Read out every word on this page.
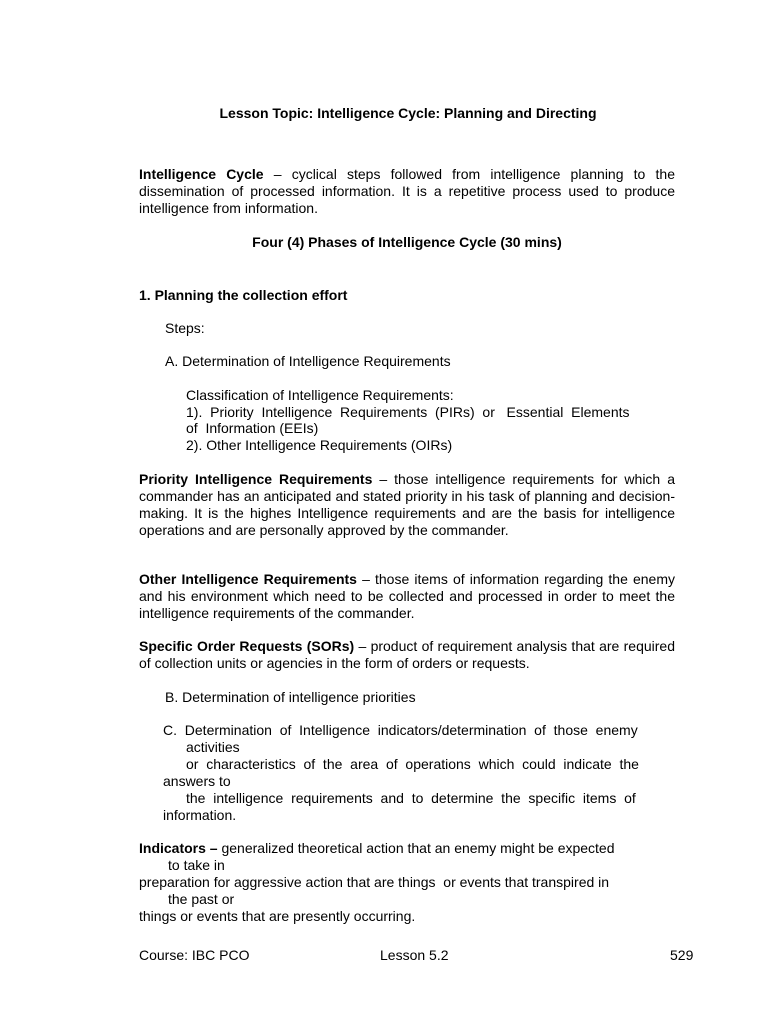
Lesson Topic: Intelligence Cycle: Planning and Directing

Intelligence Cycle – cyclical steps followed from intelligence planning to the dissemination of processed information. It is a repetitive process used to produce intelligence from information.

Four (4) Phases of Intelligence Cycle (30 mins)
1. Planning the collection effort
Steps:
A. Determination of Intelligence Requirements
Classification of Intelligence Requirements:
1).  Priority  Intelligence  Requirements  (PIRs)  or   Essential  Elements
of  Information (EEIs)
2). Other Intelligence Requirements (OIRs)

Priority Intelligence Requirements – those intelligence requirements for which a commander has an anticipated and stated priority in his task of planning and decision-making. It is the highes Intelligence requirements and are the basis for intelligence operations and are personally approved by the commander.

Other Intelligence Requirements – those items of information regarding the enemy and his environment which need to be collected and processed in order to meet the intelligence requirements of the commander.

Specific Order Requests (SORs) – product of requirement analysis that are required of collection units or agencies in the form of orders or requests.

B. Determination of intelligence priorities
C.  Determination  of  Intelligence  indicators/determination  of  those  enemy
activities
or  characteristics  of  the  area  of  operations  which  could  indicate  the
answers to
the  intelligence  requirements  and  to  determine  the  specific  items  of
information.
Indicators – generalized theoretical action that an enemy might be expected
to take in
preparation for aggressive action that are things  or events that transpired in
the past or
things or events that are presently occurring.
Course: IBC PCO	Lesson 5.2	529
